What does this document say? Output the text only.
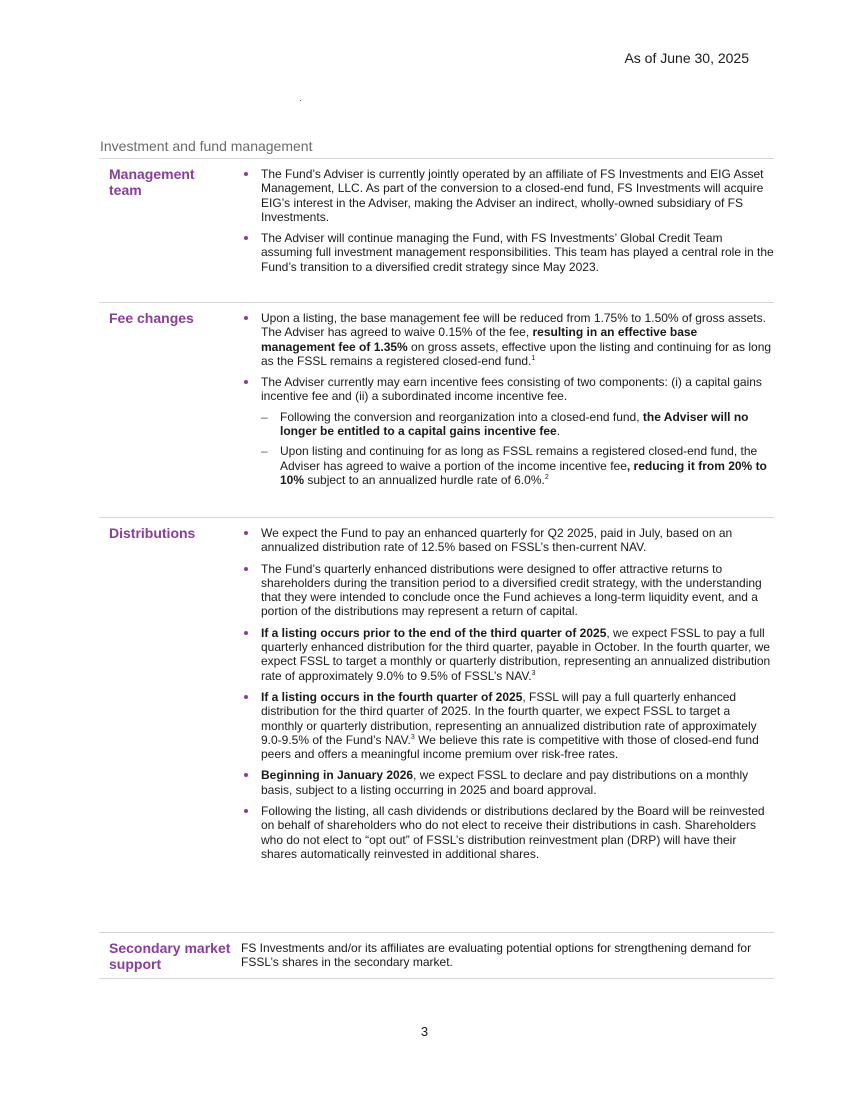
As of June 30, 2025
Investment and fund management
Management team
The Fund’s Adviser is currently jointly operated by an affiliate of FS Investments and EIG Asset Management, LLC. As part of the conversion to a closed-end fund, FS Investments will acquire EIG’s interest in the Adviser, making the Adviser an indirect, wholly-owned subsidiary of FS Investments.
The Adviser will continue managing the Fund, with FS Investments’ Global Credit Team assuming full investment management responsibilities. This team has played a central role in the Fund’s transition to a diversified credit strategy since May 2023.
Fee changes	Upon a listing, the base management fee will be reduced from 1.75% to 1.50% of gross assets. The Adviser has agreed to waive 0.15% of the fee, resulting in an effective base management fee of 1.35% on gross assets, effective upon the listing and continuing for as long as the FSSL remains a registered closed-end fund.$^1$
The Adviser currently may earn incentive fees consisting of two components: (i) a capital gains incentive fee and (ii) a subordinated income incentive fee.
– Following the conversion and reorganization into a closed-end fund, the Adviser will no longer be entitled to a capital gains incentive fee.
– Upon listing and continuing for as long as FSSL remains a registered closed-end fund, the Adviser has agreed to waive a portion of the income incentive fee, reducing it from 20% to 10% subject to an annualized hurdle rate of 6.0%.$^2$
Distributions	We expect the Fund to pay an enhanced quarterly for Q2 2025, paid in July, based on an annualized distribution rate of 12.5% based on FSSL’s then-current NAV.
The Fund’s quarterly enhanced distributions were designed to offer attractive returns to shareholders during the transition period to a diversified credit strategy, with the understanding that they were intended to conclude once the Fund achieves a long-term liquidity event, and a portion of the distributions may represent a return of capital.
If a listing occurs prior to the end of the third quarter of 2025, we expect FSSL to pay a full quarterly enhanced distribution for the third quarter, payable in October. In the fourth quarter, we expect FSSL to target a monthly or quarterly distribution, representing an annualized distribution rate of approximately 9.0% to 9.5% of FSSL’s NAV.$^3$
If a listing occurs in the fourth quarter of 2025, FSSL will pay a full quarterly enhanced distribution for the third quarter of 2025. In the fourth quarter, we expect FSSL to target a monthly or quarterly distribution, representing an annualized distribution rate of approximately 9.0-9.5% of the Fund’s NAV.$^3$ We believe this rate is competitive with those of closed-end fund peers and offers a meaningful income premium over risk-free rates.
Beginning in January 2026, we expect FSSL to declare and pay distributions on a monthly basis, subject to a listing occurring in 2025 and board approval.
Following the listing, all cash dividends or distributions declared by the Board will be reinvested on behalf of shareholders who do not elect to receive their distributions in cash. Shareholders who do not elect to “opt out” of FSSL’s distribution reinvestment plan (DRP) will have their shares automatically reinvested in additional shares.
Secondary market support
FS Investments and/or its affiliates are evaluating potential options for strengthening demand for FSSL’s shares in the secondary market.
3
